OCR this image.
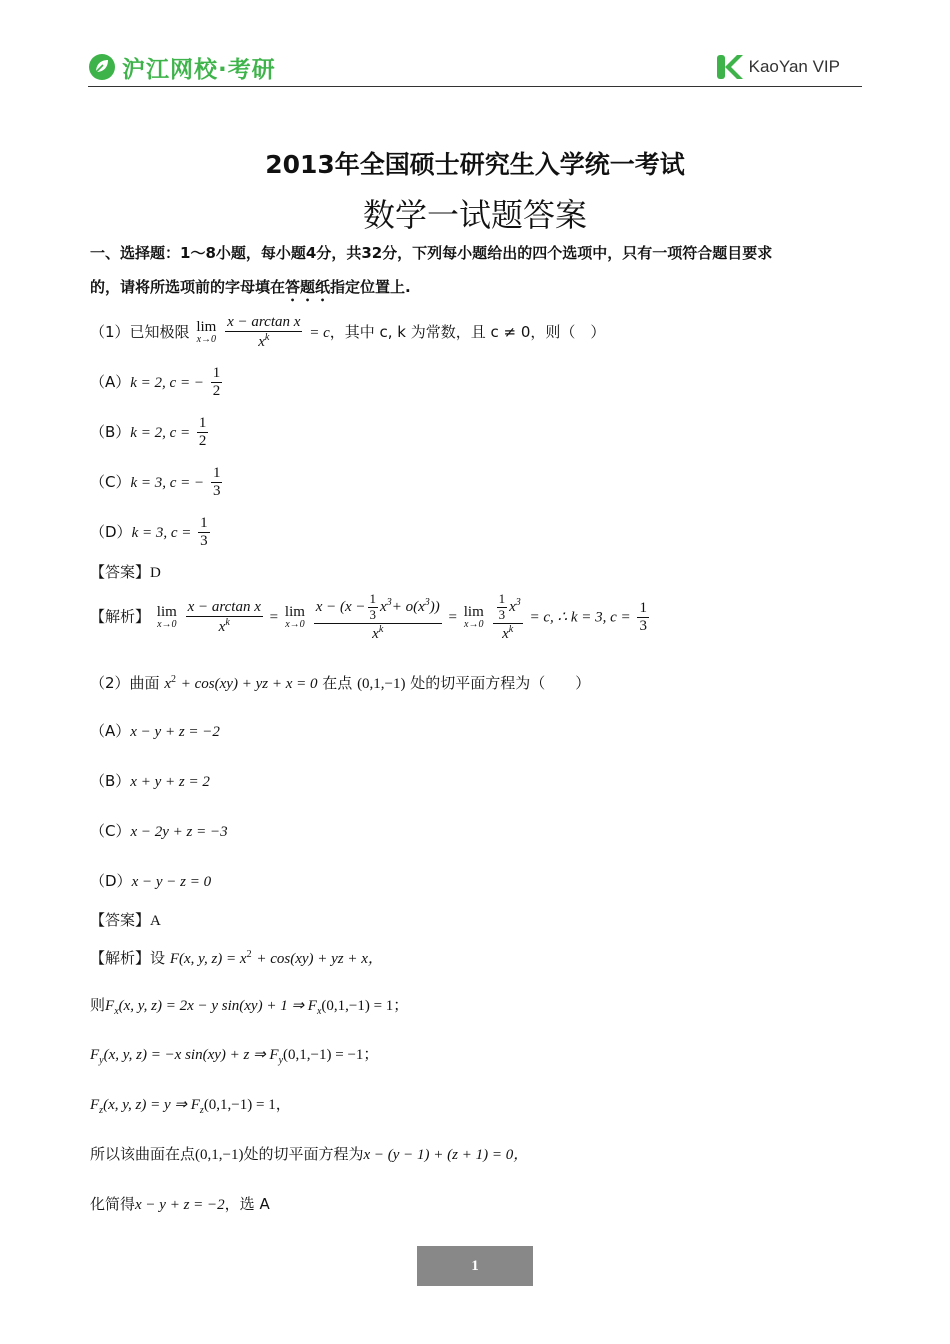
沪江网校·考研	KaoYan VIP
2013年全国硕士研究生入学统一考试
数学一试题答案
一、选择题：1～8小题，每小题4分，共32分，下列每小题给出的四个选项中，只有一项符合题目要求
的，请将所选项前的字母填在答题纸指定位置上.
（1）已知极限 lim
x→0
$\frac{\text{x − arctan x}}{x^k} = c$，其中 c, k 为常数，且 c ≠ 0，则（　）
（A）k = 2, c = − $\frac{1}{2}$
（B）k = 2, $c = \frac{1}{2}$
（C）k = 3, c = − $\frac{1}{3}$
（D）k = 3, $c = \frac{1}{3}$
【答案】D
【解析】 lim
x→0
$\frac{\text{x − arctan x}}{x^k} = \lim$
x→0
$\frac{x - (x - \frac{1}{3} x^3+ o(x^3))}{x^k} = \lim$
x→0
$\frac{\frac{1}{3} x^3}{x^k} = c$, ∴ k = 3, $c = \frac{1}{3}$
（2）曲面 $x^2 + \cos(xy)$ + yz + x = 0 在点 (0,1,−1) 处的切平面方程为（　　）
（A）x − y + z = −2
（B）x + y + z = 2
（C）x − 2y + z = −3
（D）x − y − z = 0
【答案】A
【解析】设 F(x, y, $z) = x^2 + \cos(xy)$ + yz + x，
则$F_x(x$, y, z) = 2x − y sin(xy) + 1 ⇒ $F_x(0,1,-1) = 1$；
$F_y(x$, y, z) = −x sin(xy) + z ⇒ $F_y(0,1,-1) = -1$；
$F_z(x$, y, z) = y ⇒ $F_z(0,1,-1) = 1$，
所以该曲面在点(0,1,−1)处的切平面方程为x − (y − 1) + (z + 1) = 0，
化简得x − y + z = −2，选 A
1
